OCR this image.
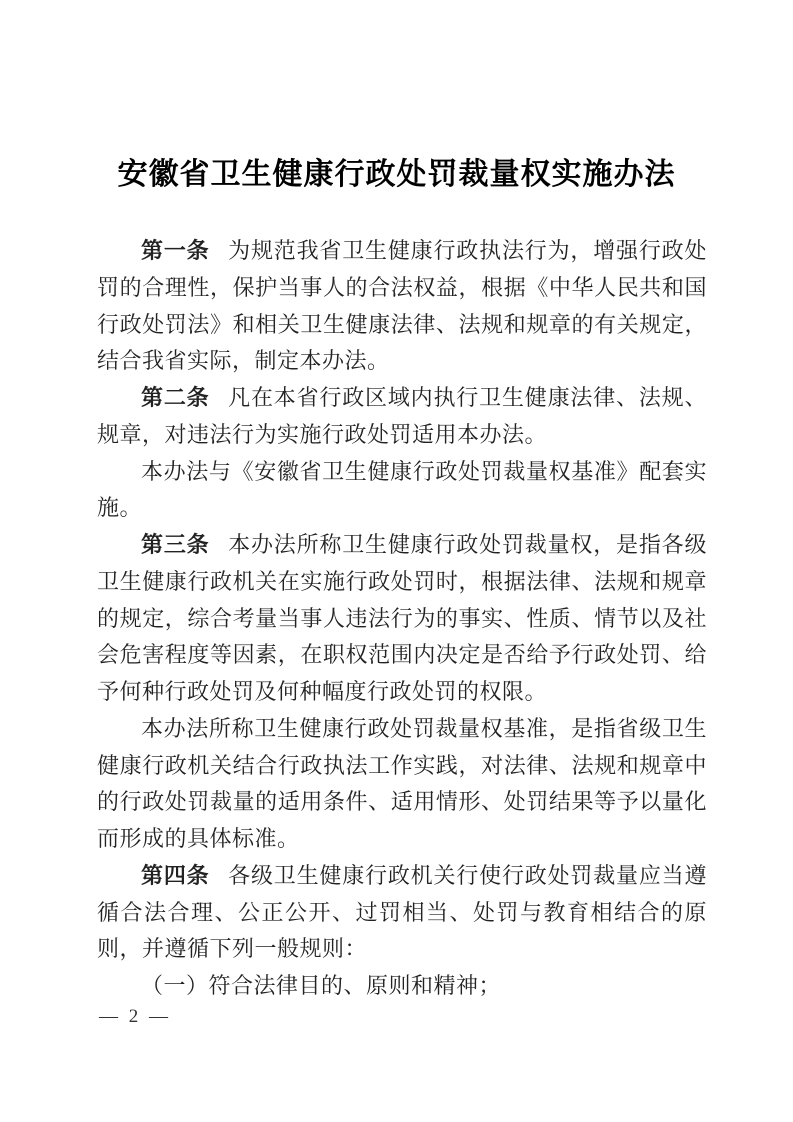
安徽省卫生健康行政处罚裁量权实施办法

第一条 为规范我省卫生健康行政执法行为，增强行政处罚的合理性，保护当事人的合法权益，根据《中华人民共和国行政处罚法》和相关卫生健康法律、法规和规章的有关规定，结合我省实际，制定本办法。

第二条 凡在本省行政区域内执行卫生健康法律、法规、规章，对违法行为实施行政处罚适用本办法。

本办法与《安徽省卫生健康行政处罚裁量权基准》配套实施。

第三条 本办法所称卫生健康行政处罚裁量权，是指各级卫生健康行政机关在实施行政处罚时，根据法律、法规和规章的规定，综合考量当事人违法行为的事实、性质、情节以及社会危害程度等因素，在职权范围内决定是否给予行政处罚、给予何种行政处罚及何种幅度行政处罚的权限。

本办法所称卫生健康行政处罚裁量权基准，是指省级卫生健康行政机关结合行政执法工作实践，对法律、法规和规章中的行政处罚裁量的适用条件、适用情形、处罚结果等予以量化而形成的具体标准。

第四条 各级卫生健康行政机关行使行政处罚裁量应当遵循合法合理、公正公开、过罚相当、处罚与教育相结合的原则，并遵循下列一般规则：

（一）符合法律目的、原则和精神；

— 2 —
